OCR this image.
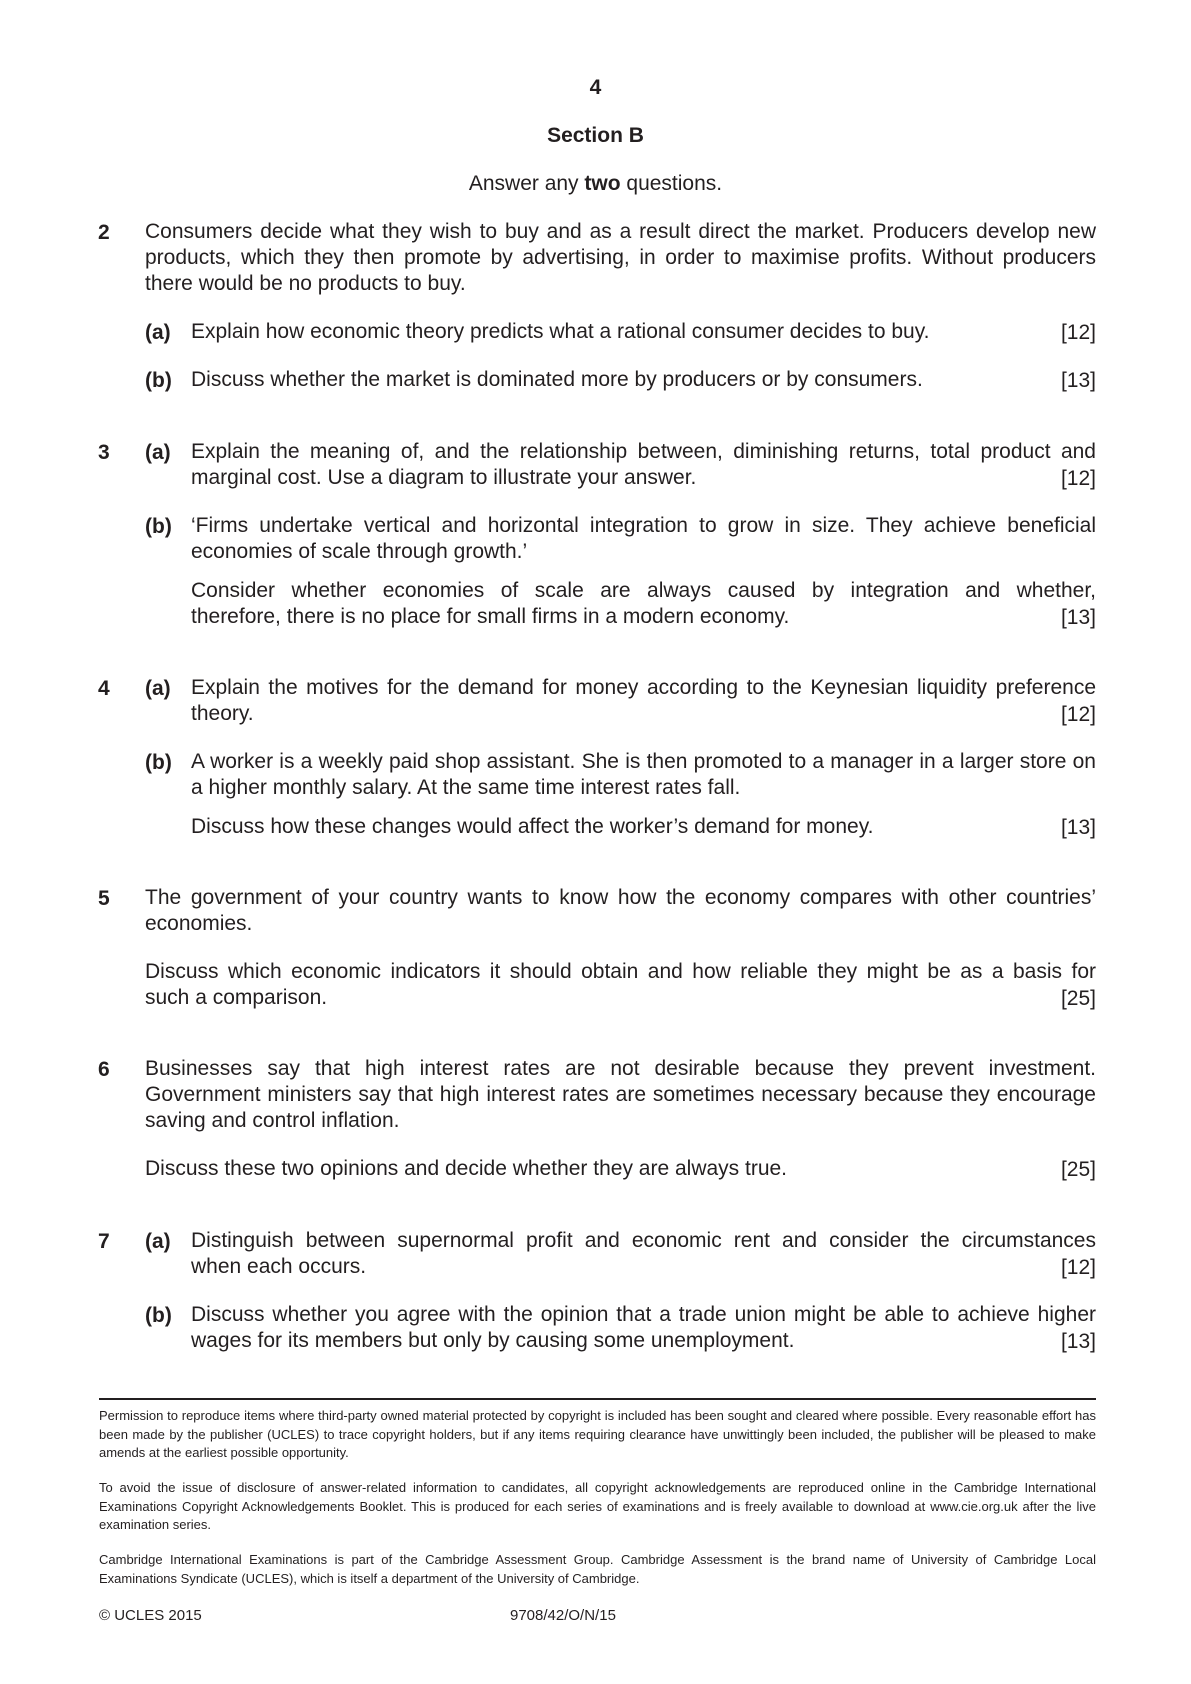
4
Section B
Answer any two questions.
2 Consumers decide what they wish to buy and as a result direct the market. Producers develop new products, which they then promote by advertising, in order to maximise profits. Without producers there would be no products to buy.
(a) Explain how economic theory predicts what a rational consumer decides to buy.	[12]
(b) Discuss whether the market is dominated more by producers or by consumers.	[13]
3 (a) Explain the meaning of, and the relationship between, diminishing returns, total product and
marginal cost. Use a diagram to illustrate your answer.	[12]
(b) ‘Firms undertake vertical and horizontal integration to grow in size. They achieve beneficial economies of scale through growth.’
Consider whether economies of scale are always caused by integration and whether,
therefore, there is no place for small firms in a modern economy.	[13]
4 (a) Explain the motives for the demand for money according to the Keynesian liquidity preference
theory.	[12]
(b) A worker is a weekly paid shop assistant. She is then promoted to a manager in a larger store on a higher monthly salary. At the same time interest rates fall.
Discuss how these changes would affect the worker’s demand for money.	[13]
5 The government of your country wants to know how the economy compares with other countries’ economies.
Discuss which economic indicators it should obtain and how reliable they might be as a basis for
such a comparison.	[25]
6 Businesses say that high interest rates are not desirable because they prevent investment. Government ministers say that high interest rates are sometimes necessary because they encourage saving and control inflation.
Discuss these two opinions and decide whether they are always true.	[25]
7 (a) Distinguish between supernormal profit and economic rent and consider the circumstances
when each occurs.	[12]
(b) Discuss whether you agree with the opinion that a trade union might be able to achieve higher
wages for its members but only by causing some unemployment.	[13]
Permission to reproduce items where third-party owned material protected by copyright is included has been sought and cleared where possible. Every reasonable effort has been made by the publisher (UCLES) to trace copyright holders, but if any items requiring clearance have unwittingly been included, the publisher will be pleased to make amends at the earliest possible opportunity.
To avoid the issue of disclosure of answer-related information to candidates, all copyright acknowledgements are reproduced online in the Cambridge International Examinations Copyright Acknowledgements Booklet. This is produced for each series of examinations and is freely available to download at www.cie.org.uk after the live examination series.
Cambridge International Examinations is part of the Cambridge Assessment Group. Cambridge Assessment is the brand name of University of Cambridge Local Examinations Syndicate (UCLES), which is itself a department of the University of Cambridge.
© UCLES 2015	9708/42/O/N/15
